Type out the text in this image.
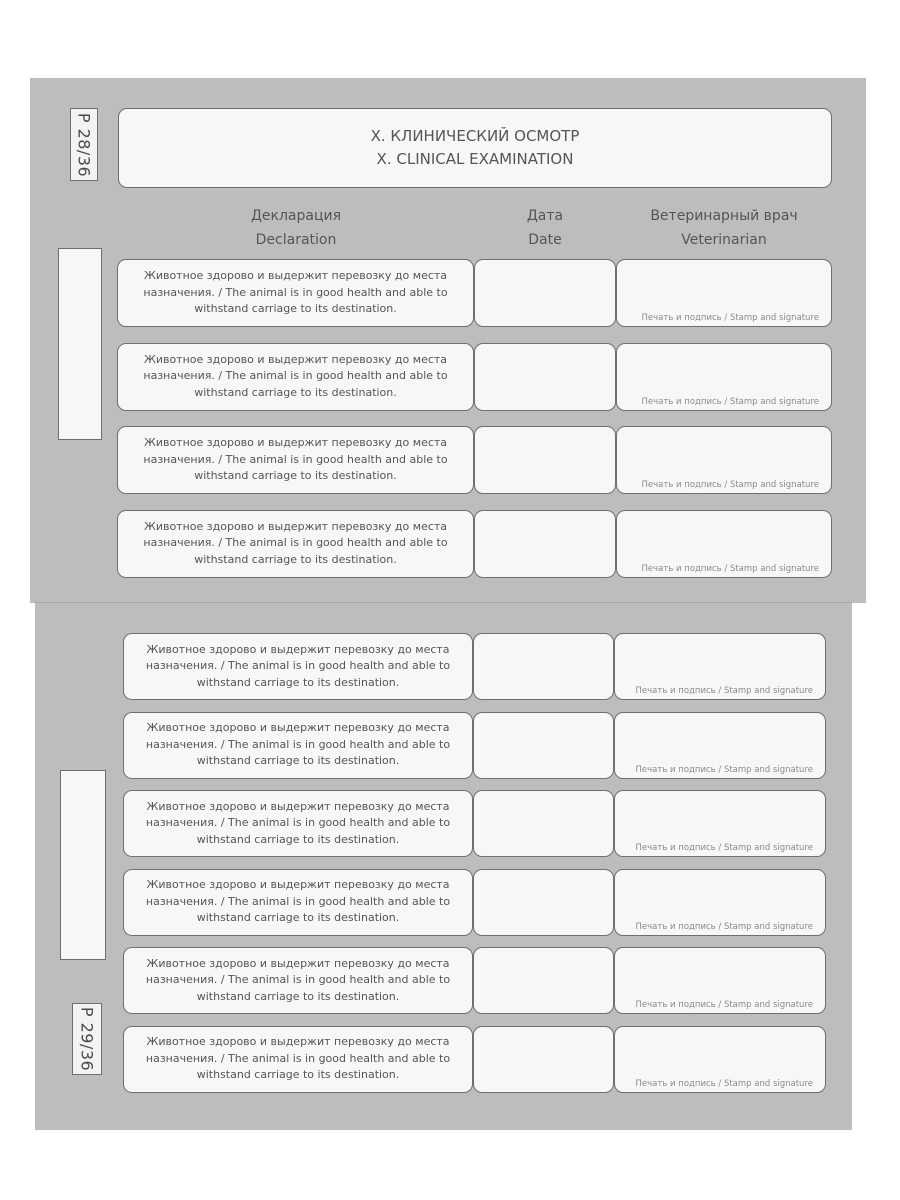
P 28/36	X. КЛИНИЧЕСКИЙ ОСМОТР
X. CLINICAL EXAMINATION
Декларация
Declaration
Дата
Date
Ветеринарный врач
Veterinarian
Животное здорово и выдержит перевозку до места назначения. / The animal is in good health and able to withstand carriage to its destination.
Печать и подпись / Stamp and signature
Животное здорово и выдержит перевозку до места назначения. / The animal is in good health and able to withstand carriage to its destination.
Печать и подпись / Stamp and signature
Животное здорово и выдержит перевозку до места назначения. / The animal is in good health and able to withstand carriage to its destination.
Печать и подпись / Stamp and signature
Животное здорово и выдержит перевозку до места назначения. / The animal is in good health and able to withstand carriage to its destination.
Печать и подпись / Stamp and signature
P 29/36
Животное здорово и выдержит перевозку до места назначения. / The animal is in good health and able to withstand carriage to its destination.
Печать и подпись / Stamp and signature
Животное здорово и выдержит перевозку до места назначения. / The animal is in good health and able to withstand carriage to its destination.
Печать и подпись / Stamp and signature
Животное здорово и выдержит перевозку до места назначения. / The animal is in good health and able to withstand carriage to its destination.
Печать и подпись / Stamp and signature
Животное здорово и выдержит перевозку до места назначения. / The animal is in good health and able to withstand carriage to its destination.
Печать и подпись / Stamp and signature
Животное здорово и выдержит перевозку до места назначения. / The animal is in good health and able to withstand carriage to its destination.
Печать и подпись / Stamp and signature
Животное здорово и выдержит перевозку до места назначения. / The animal is in good health and able to withstand carriage to its destination.
Печать и подпись / Stamp and signature
